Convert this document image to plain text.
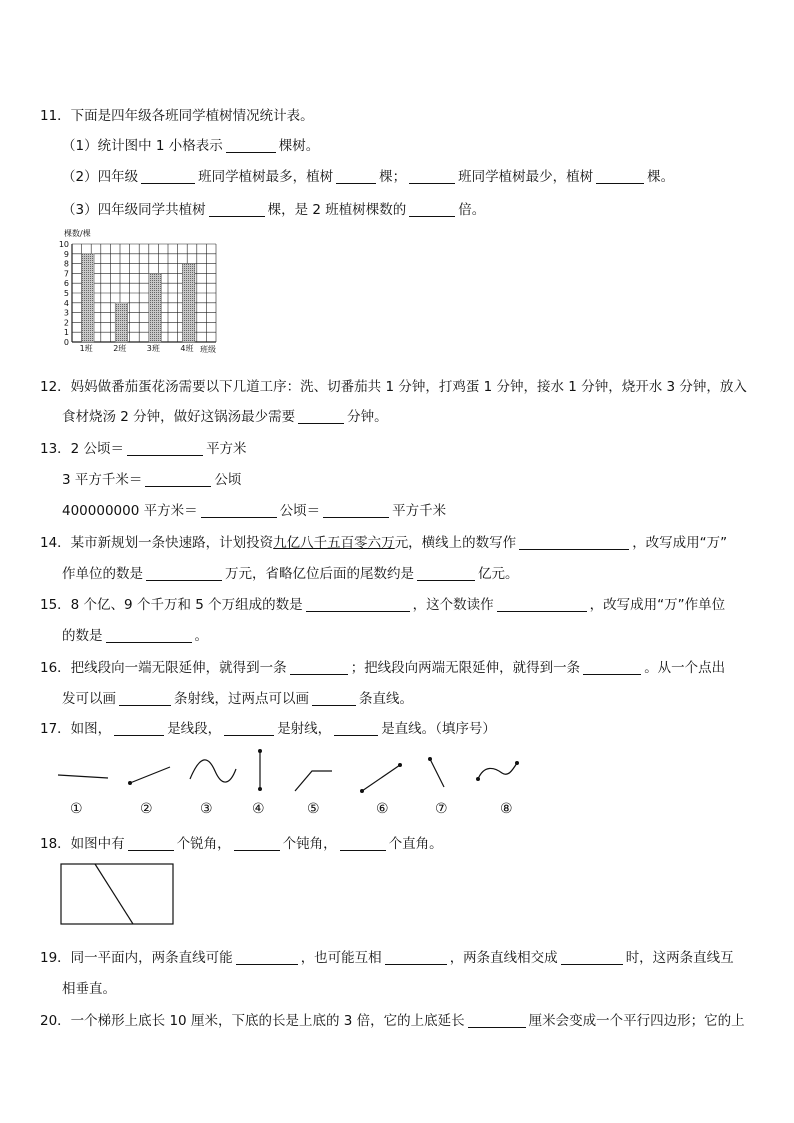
11．下面是四年级各班同学植树情况统计表。
（1）统计图中 1 小格表示	棵树。
（2）四年级	班同学植树最多，植树	棵；	班同学植树最少，植树	棵。
（3）四年级同学共植树	棵，是 2 班植树棵数的	倍。
1班	2班	3班	4班
0
1
2
3
4
5
6
7
8
9
10
棵数/棵
班级
12．妈妈做番茄蛋花汤需要以下几道工序：洗、切番茄共 1 分钟，打鸡蛋 1 分钟，接水 1 分钟，烧开水 3 分钟，放入
食材烧汤 2 分钟，做好这锅汤最少需要	分钟。
13．2 公顷＝	平方米
3 平方千米＝	公顷
400000000 平方米＝	公顷＝	平方千米
14．某市新规划一条快速路，计划投资九亿八千五百零六万元，横线上的数写作	，改写成用“万”
作单位的数是	万元，省略亿位后面的尾数约是	亿元。
15．8 个亿、9 个千万和 5 个万组成的数是	，这个数读作	，改写成用“万”作单位
的数是	。
16．把线段向一端无限延伸，就得到一条	；把线段向两端无限延伸，就得到一条	。从一个点出
发可以画	条射线，过两点可以画	条直线。
17．如图，	是线段，	是射线，	是直线。（填序号）
①	②	③	④	⑤	⑥	⑦	⑧
18．如图中有	个锐角，	个钝角，	个直角。
19．同一平面内，两条直线可能	，也可能互相	，两条直线相交成	时，这两条直线互
相垂直。
20．一个梯形上底长 10 厘米，下底的长是上底的 3 倍，它的上底延长	厘米会变成一个平行四边形；它的上
